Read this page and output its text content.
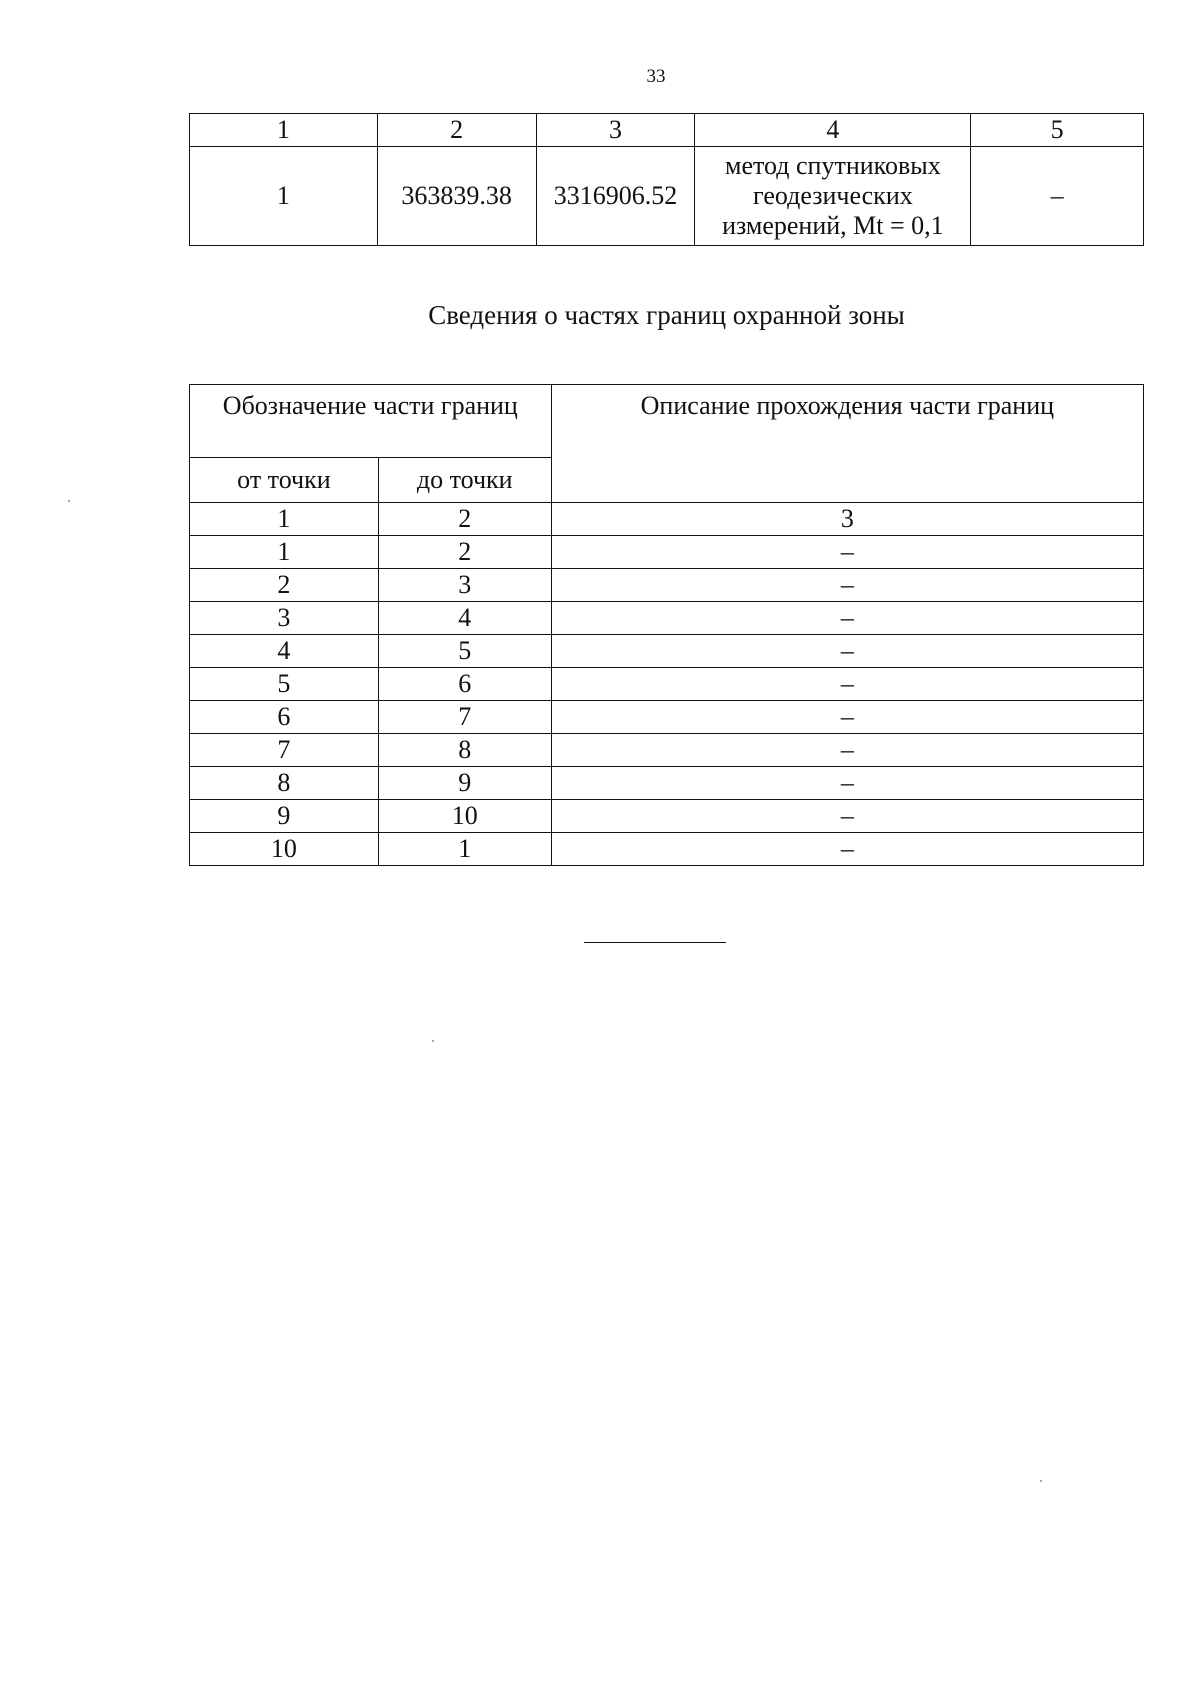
33
1	2	3	4	5
1	363839.38	3316906.52	метод спутниковых
геодезических
измерений, Mt = 0,1	–
Сведения о частях границ охранной зоны
Обозначение части границ		Описание прохождения части границ
от точки	до точки	
1	2	3
1	2	–
2	3	–
3	4	–
4	5	–
5	6	–
6	7	–
7	8	–
8	9	–
9	10	–
10	1	–
